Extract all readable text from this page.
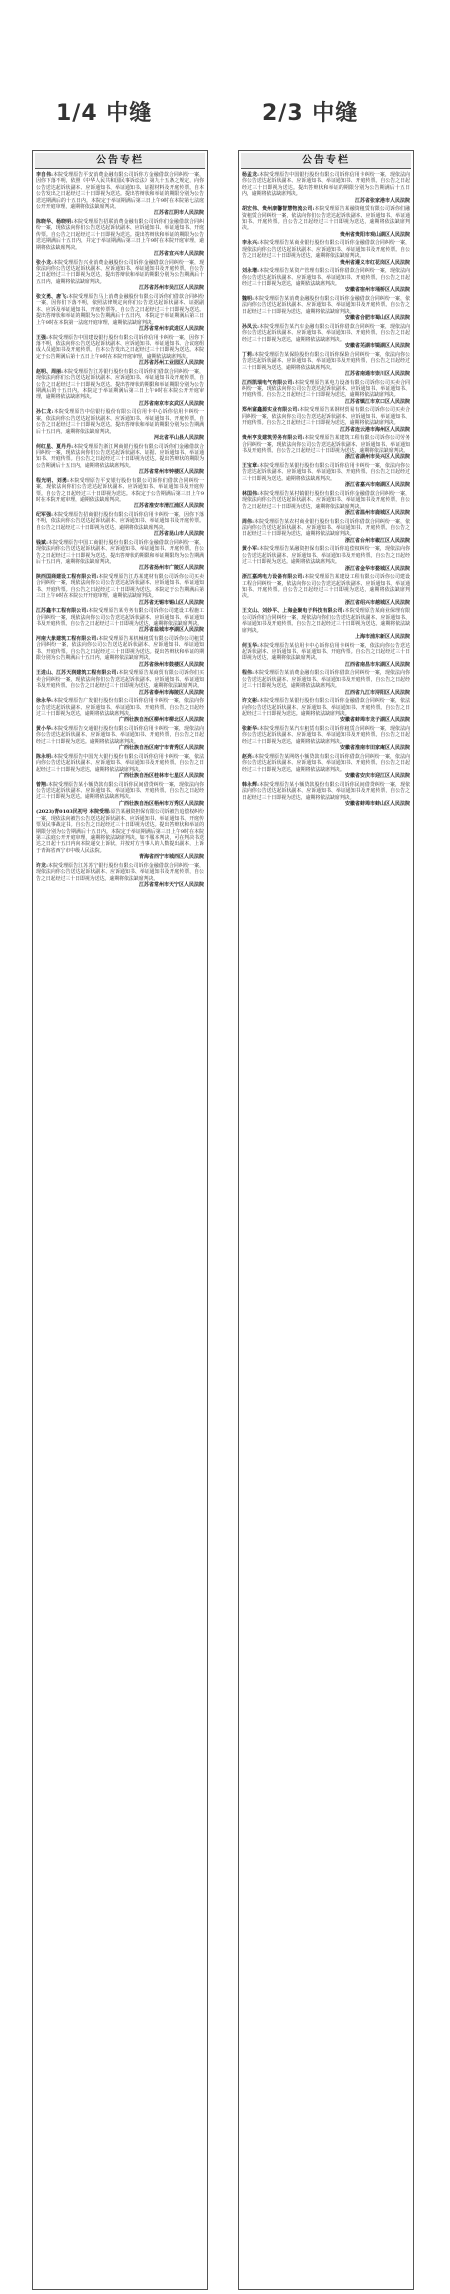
1/4 中缝	2/3 中缝
公告专栏
李自伟:本院受理原告平安消费金融有限公司诉你方金融借款合同纠纷一案，因你下落不明，依照《中华人民共和国民事诉讼法》第九十五条之规定，向你公告送达起诉状副本、应诉通知书、举证通知书、证据材料及开庭传票。自本公告发出之日起经过三十日即视为送达。提出答辩状和举证的期限分别为公告送达期满后的十五日内。本院定于举证期满后第三日上午9时在本院第七法庭公开开庭审理，逾期将依法缺席判决。
江苏省江阴市人民法院
陈晓华、杨晓明:本院受理原告招联消费金融有限公司诉你们金融借款合同纠纷一案，现依法向你们公告送达起诉状副本、应诉通知书、举证通知书、开庭传票。自公告之日起经过三十日即视为送达。提出答辩状和举证的期限为公告送达期满后十五日内，并定于举证期满后第三日上午9时在本院开庭审理，逾期将依法缺席判决。
江苏省宜兴市人民法院
张小龙:本院受理原告兴业消费金融股份公司诉你金融借款合同纠纷一案，现依法向你公告送达起诉状副本、应诉通知书、举证通知书及开庭传票。自公告之日起经过三十日即视为送达，提出答辩状和举证的期限分别为公告期满后十五日内，逾期将依法缺席判决。
江苏省苏州市吴江区人民法院
张文勇、唐飞:本院受理原告马上消费金融股份有限公司诉你们借款合同纠纷一案，因你们下落不明，依照法律规定向你们公告送达起诉状副本、证据副本、应诉及举证通知书、开庭传票等。自公告之日起经过三十日即视为送达。提出答辩状和举证的期限为公告期满后十五日内，本院定于举证期满后第三日上午9时在本院第一法庭开庭审理，逾期依法缺席判决。
江苏省常州市武进区人民法院
王强:本院受理原告中国建设银行股份有限公司诉你信用卡纠纷一案，因你下落不明，依法向你公告送达起诉状副本、应诉通知书、举证通知书、合议庭组成人员通知书及开庭传票。自本公告发出之日起经过三十日即视为送达。本院定于公告期满后第十五日上午9时在本院开庭审理，逾期依法缺席判决。
江苏省苏州工业园区人民法院
赵明、周丽:本院受理原告江苏银行股份有限公司诉你们借款合同纠纷一案，现依法向你们公告送达起诉状副本、应诉通知书、举证通知书及开庭传票，自公告之日起经过三十日即视为送达。提出答辩状的期限和举证期限分别为公告期满后的十五日内。本院定于举证期满后第三日上午9时在本院公开开庭审理，逾期将依法缺席判决。
江苏省南京市玄武区人民法院
孙仁龙:本院受理原告中信银行股份有限公司信用卡中心诉你信用卡纠纷一案，依法向你公告送达起诉状副本、应诉通知书、举证通知书、开庭传票。自公告之日起经过三十日即视为送达。提出答辩状和举证的期限分别为公告期满后十五日内。逾期将依法缺席判决。
河北省平山县人民法院
何红星、夏丹丹:本院受理原告浙江网商银行股份有限公司诉你们金融借款合同纠纷一案，现依法向你们公告送达起诉状副本、证据、应诉通知书、举证通知书、开庭传票。自公告之日起经过三十日即视为送达。提出答辩状的期限为公告期满后十五日内，逾期将依法缺席判决。
江苏省常州市钟楼区人民法院
程光明、刘勇:本院受理原告平安银行股份有限公司诉你们借款合同纠纷一案，现依法向你们公告送达起诉状副本、应诉通知书、举证通知书及开庭传票。自公告之日起经过三十日即视为送达。本院定于公告期满后第三日上午9时在本院开庭审理，逾期依法缺席判决。
江苏省淮安市清江浦区人民法院
纪军强:本院受理原告招商银行股份有限公司诉你信用卡纠纷一案，因你下落不明，依法向你公告送达起诉状副本、应诉通知书、举证通知书及开庭传票。自公告之日起经过三十日即视为送达，逾期将依法缺席判决。
江苏省昆山市人民法院
钱斌:本院受理原告中国工商银行股份有限公司诉你金融借款合同纠纷一案，现依法向你公告送达起诉状副本、应诉通知书、举证通知书、开庭传票。自公告之日起经过三十日即视为送达。提出答辩状的期限和举证期限均为公告期满后十五日内，逾期将依法缺席判决。
江苏省扬州市广陵区人民法院
陕西国商建设工程有限公司:本院受理原告江苏某建材有限公司诉你公司买卖合同纠纷一案，现依法向你公司公告送达起诉状副本、应诉通知书、举证通知书、开庭传票。自公告之日起经过三十日即视为送达。本院定于公告期满后第三日上午9时在本院公开开庭审理，逾期依法缺席判决。
江苏省无锡市锡山区人民法院
江苏鑫丰工程有限公司:本院受理原告某劳务有限公司诉你公司建设工程施工合同纠纷一案，现依法向你公司公告送达起诉状副本、应诉通知书、举证通知书及开庭传票。自公告之日起经过三十日即视为送达，逾期将依法缺席判决。
江苏省盐城市亭湖区人民法院
河南大象建筑工程有限公司:本院受理原告某机械租赁有限公司诉你公司租赁合同纠纷一案，依法向你公司公告送达起诉状副本、应诉通知书、举证通知书、开庭传票。自公告之日起经过三十日即视为送达。提出答辩状和举证的期限分别为公告期满后十五日内，逾期将依法缺席判决。
江苏省徐州市鼓楼区人民法院
王进山、江苏天润建筑工程有限公司:本院受理原告某商贸有限公司诉你们买卖合同纠纷一案，现依法向你们公告送达起诉状副本、应诉通知书、举证通知书及开庭传票。自公告之日起经过三十日即视为送达，逾期将依法缺席判决。
江苏省泰州市海陵区人民法院
徐永华:本院受理原告广发银行股份有限公司诉你信用卡纠纷一案，依法向你公告送达起诉状副本、应诉通知书、举证通知书、开庭传票。自公告之日起经过三十日即视为送达，逾期将依法缺席判决。
广西壮族自治区柳州市柳北区人民法院
黄小华:本院受理原告交通银行股份有限公司诉你信用卡纠纷一案，现依法向你公告送达起诉状副本、应诉通知书、举证通知书、开庭传票，自公告之日起经过三十日即视为送达。逾期将依法缺席判决。
广西壮族自治区南宁市青秀区人民法院
陈永明:本院受理原告中国光大银行股份有限公司诉你信用卡纠纷一案，依法向你公告送达起诉状副本、应诉通知书、举证通知书及开庭传票。自公告之日起经过三十日即视为送达，逾期将依法缺席判决。
广西壮族自治区桂林市七星区人民法院
曾翔:本院受理原告某小额贷款有限公司诉你民间借贷纠纷一案，现依法向你公告送达起诉状副本、应诉通知书、举证通知书、开庭传票。自公告之日起经过三十日即视为送达。逾期将依法缺席判决。
广西壮族自治区梧州市万秀区人民法院
(2023)青0103民初号 本院受理:原告某融资担保有限公司诉被告追偿权纠纷一案，现依法向被告公告送达起诉状副本、应诉通知书、举证通知书、开庭传票及民事裁定书。自公告之日起经过三十日即视为送达。提出答辩状和举证的期限分别为公告期满后十五日内。本院定于举证期满后第三日上午9时在本院第三法庭公开开庭审理，逾期将依法缺席判决。如不服本判决，可在判决书送达之日起十五日内向本院递交上诉状，并按对方当事人的人数提出副本，上诉于青海省西宁市中级人民法院。
青海省西宁市城西区人民法院
许龙:本院受理原告江苏苏宁银行股份有限公司诉你金融借款合同纠纷一案，现依法向你公告送达起诉状副本、应诉通知书、举证通知书及开庭传票，自公告之日起经过三十日即视为送达。逾期将依法缺席判决。
江苏省常州市天宁区人民法院
公告专栏
杨孟龙:本院受理原告中国银行股份有限公司诉你信用卡纠纷一案，现依法向你公告送达起诉状副本、应诉通知书、举证通知书、开庭传票。自公告之日起经过三十日即视为送达。提出答辩状和举证的期限分别为公告期满后十五日内，逾期将依法缺席判决。
江苏省张家港市人民法院
胡宏伟、贵州康馨智慧物流公司:本院受理原告某融资租赁有限公司诉你们融资租赁合同纠纷一案，依法向你们公告送达起诉状副本、应诉通知书、举证通知书、开庭传票。自公告之日起经过三十日即视为送达，逾期将依法缺席判决。
贵州省贵阳市观山湖区人民法院
李永兴:本院受理原告某商业银行股份有限公司诉你金融借款合同纠纷一案，现依法向你公告送达起诉状副本、应诉通知书、举证通知书及开庭传票。自公告之日起经过三十日即视为送达，逾期将依法缺席判决。
贵州省遵义市红花岗区人民法院
刘永增:本院受理原告某资产管理有限公司诉你借款合同纠纷一案，现依法向你公告送达起诉状副本、应诉通知书、举证通知书、开庭传票。自公告之日起经过三十日即视为送达，逾期依法缺席判决。
安徽省宿州市埇桥区人民法院
魏明:本院受理原告某消费金融股份有限公司诉你金融借款合同纠纷一案，依法向你公告送达起诉状副本、应诉通知书、举证通知书及开庭传票。自公告之日起经过三十日即视为送达，逾期将依法缺席判决。
安徽省合肥市蜀山区人民法院
孙凤云:本院受理原告某汽车金融有限公司诉你借款合同纠纷一案，现依法向你公告送达起诉状副本、应诉通知书、举证通知书、开庭传票。自公告之日起经过三十日即视为送达，逾期将依法缺席判决。
安徽省芜湖市镜湖区人民法院
丁莉:本院受理原告某保险股份有限公司诉你保险合同纠纷一案，依法向你公告送达起诉状副本、应诉通知书、举证通知书及开庭传票，自公告之日起经过三十日即视为送达，逾期将依法缺席判决。
江苏省南通市崇川区人民法院
江西凯瑞电气有限公司:本院受理原告某电力设备有限公司诉你公司买卖合同纠纷一案，现依法向你公司公告送达起诉状副本、应诉通知书、举证通知书、开庭传票。自公告之日起经过三十日即视为送达，逾期将依法缺席判决。
江苏省镇江市京口区人民法院
郑州富鑫源实业有限公司:本院受理原告某钢材贸易有限公司诉你公司买卖合同纠纷一案，依法向你公司公告送达起诉状副本、应诉通知书、举证通知书、开庭传票。自公告之日起经过三十日即视为送达，逾期将依法缺席判决。
江苏省连云港市海州区人民法院
贵州亨发建筑劳务有限公司:本院受理原告某建筑工程有限公司诉你公司劳务合同纠纷一案，现依法向你公司公告送达起诉状副本、应诉通知书、举证通知书及开庭传票。自公告之日起经过三十日即视为送达，逾期将依法缺席判决。
浙江省湖州市吴兴区人民法院
王宝章:本院受理原告某银行股份有限公司诉你信用卡纠纷一案，依法向你公告送达起诉状副本、应诉通知书、举证通知书、开庭传票。自公告之日起经过三十日即视为送达。逾期将依法缺席判决。
浙江省嘉兴市南湖区人民法院
林国伟:本院受理原告某村镇银行股份有限公司诉你金融借款合同纠纷一案，现依法向你公告送达起诉状副本、应诉通知书、举证通知书及开庭传票，自公告之日起经过三十日即视为送达，逾期将依法缺席判决。
浙江省温州市鹿城区人民法院
周伟:本院受理原告某农村商业银行股份有限公司诉你借款合同纠纷一案，依法向你公告送达起诉状副本、应诉通知书、举证通知书、开庭传票。自公告之日起经过三十日即视为送达，逾期将依法缺席判决。
浙江省台州市椒江区人民法院
黄小军:本院受理原告某融资担保有限公司诉你追偿权纠纷一案，现依法向你公告送达起诉状副本、应诉通知书、举证通知书及开庭传票。自公告之日起经过三十日即视为送达。逾期将依法缺席判决。
浙江省金华市婺城区人民法院
浙江嘉鸿电力设备有限公司:本院受理原告某建设工程有限公司诉你公司建设工程合同纠纷一案，依法向你公司公告送达起诉状副本、应诉通知书、举证通知书、开庭传票。自公告之日起经过三十日即视为送达，逾期将依法缺席判决。
浙江省绍兴市越城区人民法院
王文山、刘妙平、上海金聚电子科技有限公司:本院受理原告某商业保理有限公司诉你们合同纠纷一案，现依法向你们公告送达起诉状副本、应诉通知书、举证通知书及开庭传票。自公告之日起经过三十日即视为送达。逾期将依法缺席判决。
上海市浦东新区人民法院
何玉华:本院受理原告某信用卡中心诉你信用卡纠纷一案，依法向你公告送达起诉状副本、应诉通知书、举证通知书、开庭传票。自公告之日起经过三十日即视为送达，逾期将依法缺席判决。
江西省南昌市东湖区人民法院
程伟:本院受理原告某消费金融有限公司诉你借款合同纠纷一案，现依法向你公告送达起诉状副本、应诉通知书、举证通知书及开庭传票，自公告之日起经过三十日即视为送达，逾期将依法缺席判决。
江西省九江市浔阳区人民法院
许文彬:本院受理原告某银行股份有限公司诉你金融借款合同纠纷一案，依法向你公告送达起诉状副本、应诉通知书、举证通知书、开庭传票。自公告之日起经过三十日即视为送达。逾期将依法缺席判决。
安徽省蚌埠市龙子湖区人民法院
张新华:本院受理原告某汽车租赁有限公司诉你租赁合同纠纷一案，现依法向你公告送达起诉状副本、应诉通知书、举证通知书及开庭传票。自公告之日起经过三十日即视为送达，逾期将依法缺席判决。
安徽省淮南市田家庵区人民法院
赵亮:本院受理原告某网络小额贷款有限公司诉你借款合同纠纷一案，依法向你公告送达起诉状副本、应诉通知书、举证通知书、开庭传票。自公告之日起经过三十日即视为送达，逾期将依法缺席判决。
安徽省安庆市迎江区人民法院
韩永辉:本院受理原告某小额贷款股份有限公司诉你民间借贷纠纷一案，现依法向你公告送达起诉状副本、应诉通知书、举证通知书及开庭传票，自公告之日起经过三十日即视为送达，逾期将依法缺席判决。
安徽省蚌埠市蚌山区人民法院
